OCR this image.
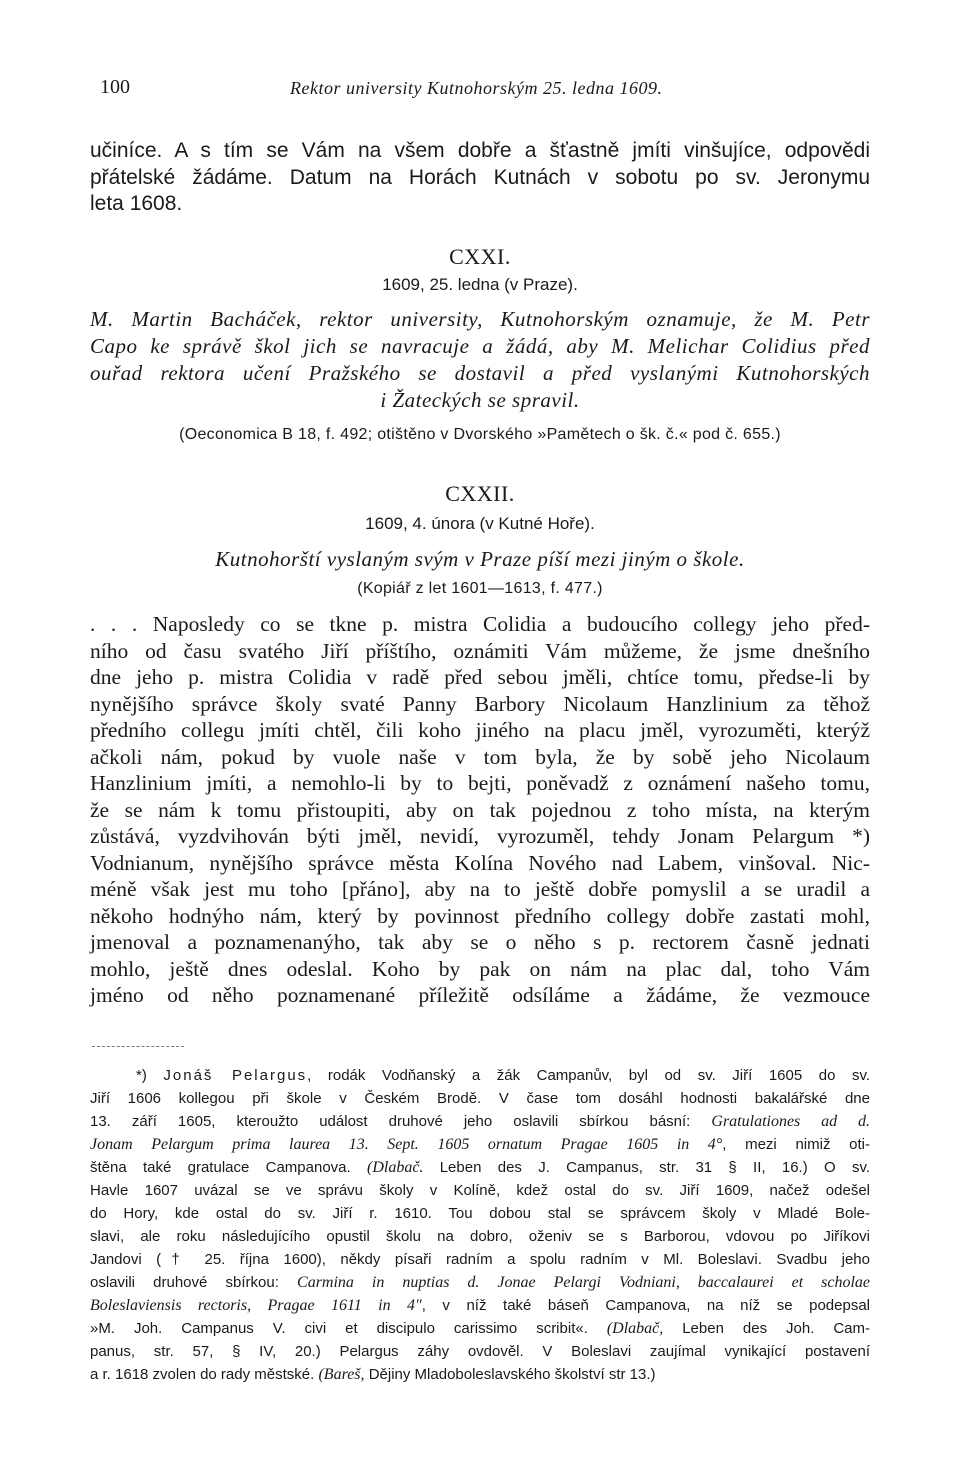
100	Rektor university Kutnohorským 25. ledna 1609.
učiníce. A s tím se Vám na všem dobře a šťastně jmíti vinšujíce, odpovědi
přátelské žádáme. Datum na Horách Kutnách v sobotu po sv. Jeronymu
leta 1608.
CXXI.
1609, 25. ledna (v Praze).
M. Martin Bacháček, rektor university, Kutnohorským oznamuje, že M. Petr
Capo ke správě škol jich se navracuje a žádá, aby M. Melichar Colidius před
ouřad rektora učení Pražského se dostavil a před vyslanými Kutnohorských
i Žateckých se spravil.
(Oeconomica B 18, f. 492; otištěno v Dvorského »Pamětech o šk. č.« pod č. 655.)
CXXII.
1609, 4. února (v Kutné Hoře).
Kutnohorští vyslaným svým v Praze píší mezi jiným o škole.
(Kopiář z let 1601—1613, f. 477.)
. . . Naposledy co se tkne p. mistra Colidia a budoucího collegy jeho před-
ního od času svatého Jiří příštího, oznámiti Vám můžeme, že jsme dnešního
dne jeho p. mistra Colidia v radě před sebou jměli, chtíce tomu, předse-li by
nynějšího správce školy svaté Panny Barbory Nicolaum Hanzlinium za těhož
předního collegu jmíti chtěl, čili koho jiného na placu jměl, vyrozuměti, kterýž
ačkoli nám, pokud by vuole naše v tom byla, že by sobě jeho Nicolaum
Hanzlinium jmíti, a nemohlo-li by to bejti, poněvadž z oznámení našeho tomu,
že se nám k tomu přistoupiti, aby on tak pojednou z toho místa, na kterým
zůstává, vyzdvihován býti jměl, nevidí, vyrozuměl, tehdy Jonam Pelargum *)
Vodnianum, nynějšího správce města Kolína Nového nad Labem, vinšoval. Nic-
méně však jest mu toho [přáno], aby na to ještě dobře pomyslil a se uradil a
někoho hodnýho nám, který by povinnost předního collegy dobře zastati mohl,
jmenoval a poznamenanýho, tak aby se o něho s p. rectorem časně jednati
mohlo, ještě dnes odeslal. Koho by pak on nám na plac dal, toho Vám
jméno od něho poznamenané příležitě odsíláme a žádáme, že vezmouce
*) Jonáš Pelargus, rodák Vodňanský a žák Campanův, byl od sv. Jiří 1605 do sv.
Jiří 1606 kollegou při škole v Českém Brodě. V čase tom dosáhl hodnosti bakalářské dne
13. září 1605, kteroužto událost druhové jeho oslavili sbírkou básní: Gratulationes ad d.
Jonam Pelargum prima laurea 13. Sept. 1605 ornatum Pragae 1605 in 4°, mezi nimiž oti-
štěna také gratulace Campanova. (Dlabač. Leben des J. Campanus, str. 31 § II, 16.) O sv.
Havle 1607 uvázal se ve správu školy v Kolíně, kdež ostal do sv. Jiří 1609, načež odešel
do Hory, kde ostal do sv. Jiří r. 1610. Tou dobou stal se správcem školy v Mladé Bole-
slavi, ale roku následujícího opustil školu na dobro, oženiv se s Barborou, vdovou po Jiříkovi
Jandovi († 25. října 1600), někdy písaři radním a spolu radním v Ml. Boleslavi. Svadbu jeho
oslavili druhové sbírkou: Carmina in nuptias d. Jonae Pelargi Vodniani, baccalaurei et scholae
Boleslaviensis rectoris, Pragae 1611 in 4", v níž také báseň Campanova, na níž se podepsal
»M. Joh. Campanus V. civi et discipulo carissimo scribit«. (Dlabač, Leben des Joh. Cam-
panus, str. 57, § IV, 20.) Pelargus záhy ovdověl. V Boleslavi zaujímal vynikající postavení
a r. 1618 zvolen do rady městské. (Bareš, Dějiny Mladoboleslavského školství str 13.)
